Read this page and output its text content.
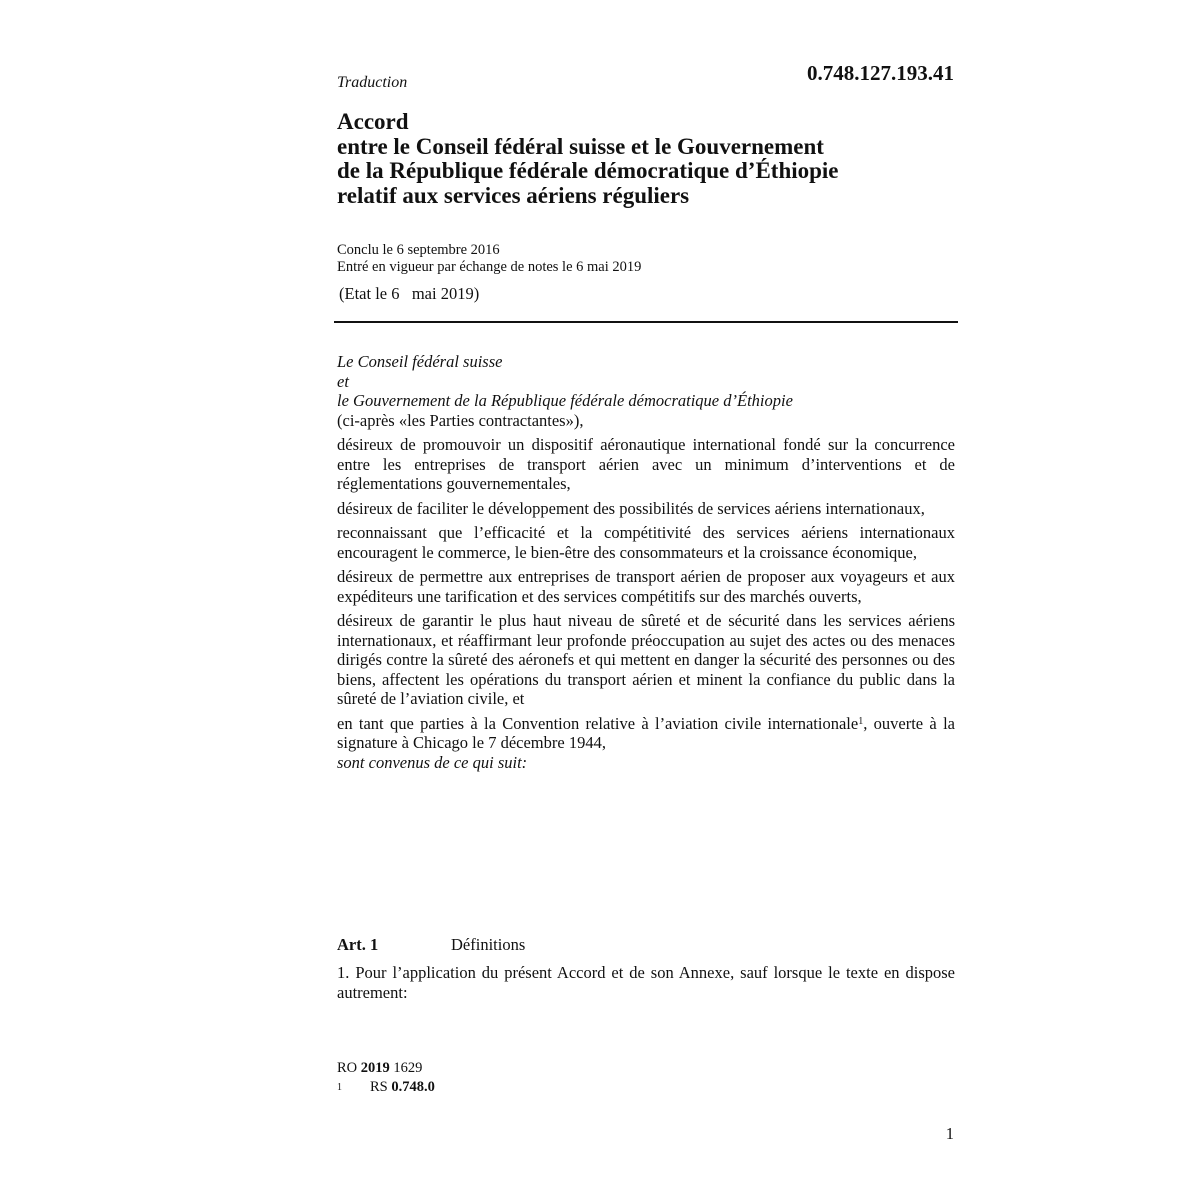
Traduction	0.748.127.193.41
Accord
entre le Conseil fédéral suisse et le Gouvernement
de la République fédérale démocratique d’Éthiopie
relatif aux services aériens réguliers
Conclu le 6 septembre 2016
Entré en vigueur par échange de notes le 6 mai 2019
(Etat le 6   mai 2019)
Le Conseil fédéral suisse
et
le Gouvernement de la République fédérale démocratique d’Éthiopie
(ci-après «les Parties contractantes»),
désireux de promouvoir un dispositif aéronautique international fondé sur la concurrence entre les entreprises de transport aérien avec un minimum d’interventions et de réglementations gouvernementales,
désireux de faciliter le développement des possibilités de services aériens internationaux,
reconnaissant que l’efficacité et la compétitivité des services aériens internationaux encouragent le commerce, le bien-être des consommateurs et la croissance économique,
désireux de permettre aux entreprises de transport aérien de proposer aux voyageurs et aux expéditeurs une tarification et des services compétitifs sur des marchés ouverts,
désireux de garantir le plus haut niveau de sûreté et de sécurité dans les services aériens internationaux, et réaffirmant leur profonde préoccupation au sujet des actes ou des menaces dirigés contre la sûreté des aéronefs et qui mettent en danger la sécurité des personnes ou des biens, affectent les opérations du transport aérien et minent la confiance du public dans la sûreté de l’aviation civile, et
en tant que parties à la Convention relative à l’aviation civile internationale$^1$, ouverte à la signature à Chicago le 7 décembre 1944,
sont convenus de ce qui suit:
Art. 1	Définitions
1. Pour l’application du présent Accord et de son Annexe, sauf lorsque le texte en dispose autrement:
RO 2019 1629
1 RS 0.748.0
1
